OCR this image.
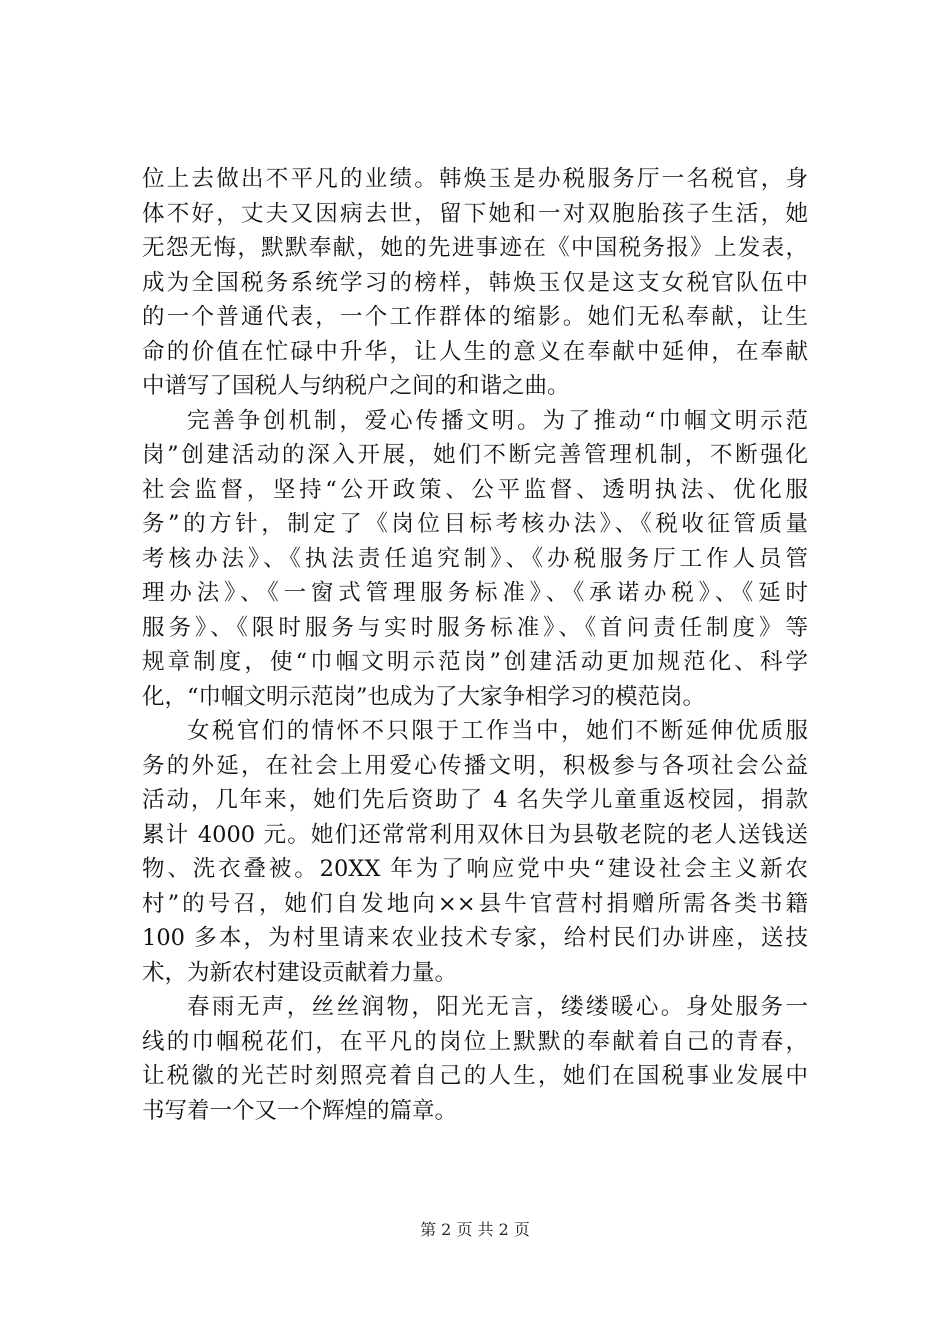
位上去做出不平凡的业绩。韩焕玉是办税服务厅一名税官，身
体不好，丈夫又因病去世，留下她和一对双胞胎孩子生活，她
无怨无悔，默默奉献，她的先进事迹在《中国税务报》上发表，
成为全国税务系统学习的榜样，韩焕玉仅是这支女税官队伍中
的一个普通代表，一个工作群体的缩影。她们无私奉献，让生
命的价值在忙碌中升华，让人生的意义在奉献中延伸，在奉献
中谱写了国税人与纳税户之间的和谐之曲。
完善争创机制，爱心传播文明。为了推动“巾帼文明示范
岗”创建活动的深入开展，她们不断完善管理机制，不断强化
社会监督，坚持“公开政策、公平监督、透明执法、优化服
务”的方针，制定了《岗位目标考核办法》、《税收征管质量
考核办法》、《执法责任追究制》、《办税服务厅工作人员管
理办法》、《一窗式管理服务标准》、《承诺办税》、《延时
服务》、《限时服务与实时服务标准》、《首问责任制度》等
规章制度，使“巾帼文明示范岗”创建活动更加规范化、科学
化，“巾帼文明示范岗”也成为了大家争相学习的模范岗。
女税官们的情怀不只限于工作当中，她们不断延伸优质服
务的外延，在社会上用爱心传播文明，积极参与各项社会公益
活动，几年来，她们先后资助了 4 名失学儿童重返校园，捐款
累计 4000 元。她们还常常利用双休日为县敬老院的老人送钱送
物、洗衣叠被。20XX 年为了响应党中央“建设社会主义新农
村”的号召，她们自发地向××县牛官营村捐赠所需各类书籍
100 多本，为村里请来农业技术专家，给村民们办讲座，送技
术，为新农村建设贡献着力量。
春雨无声，丝丝润物，阳光无言，缕缕暖心。身处服务一
线的巾帼税花们，在平凡的岗位上默默的奉献着自己的青春，
让税徽的光芒时刻照亮着自己的人生，她们在国税事业发展中
书写着一个又一个辉煌的篇章。
第 2 页 共 2 页
